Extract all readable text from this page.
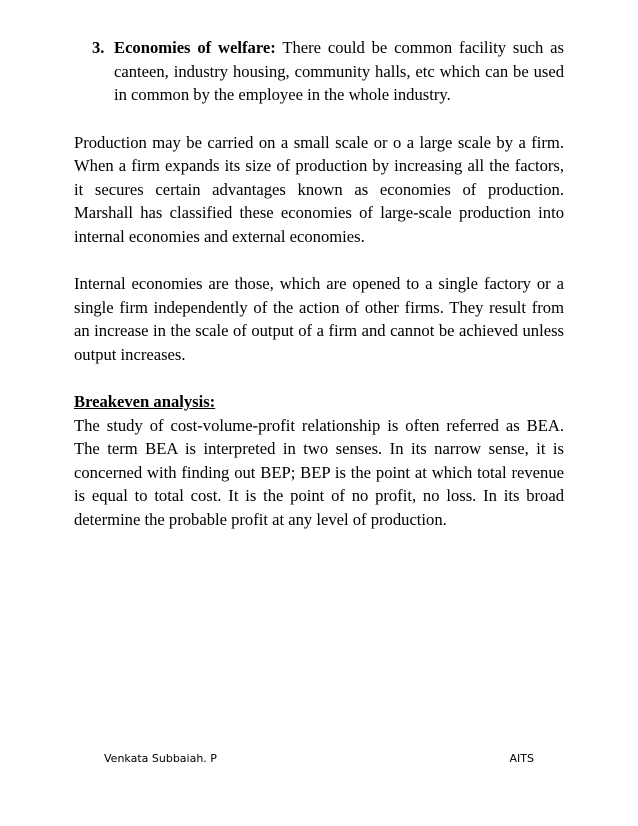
3. Economies of welfare: There could be common facility such as canteen, industry housing, community halls, etc which can be used in common by the employee in the whole industry.

Production may be carried on a small scale or o a large scale by a firm. When a firm expands its size of production by increasing all the factors, it secures certain advantages known as economies of production. Marshall has classified these economies of large-scale production into internal economies and external economies.

Internal economies are those, which are opened to a single factory or a single firm independently of the action of other firms. They result from an increase in the scale of output of a firm and cannot be achieved unless output increases.

Breakeven analysis:

The study of cost-volume-profit relationship is often referred as BEA. The term BEA is interpreted in two senses. In its narrow sense, it is concerned with finding out BEP; BEP is the point at which total revenue is equal to total cost. It is the point of no profit, no loss. In its broad determine the probable profit at any level of production.

Venkata Subbaiah. P	AITS
